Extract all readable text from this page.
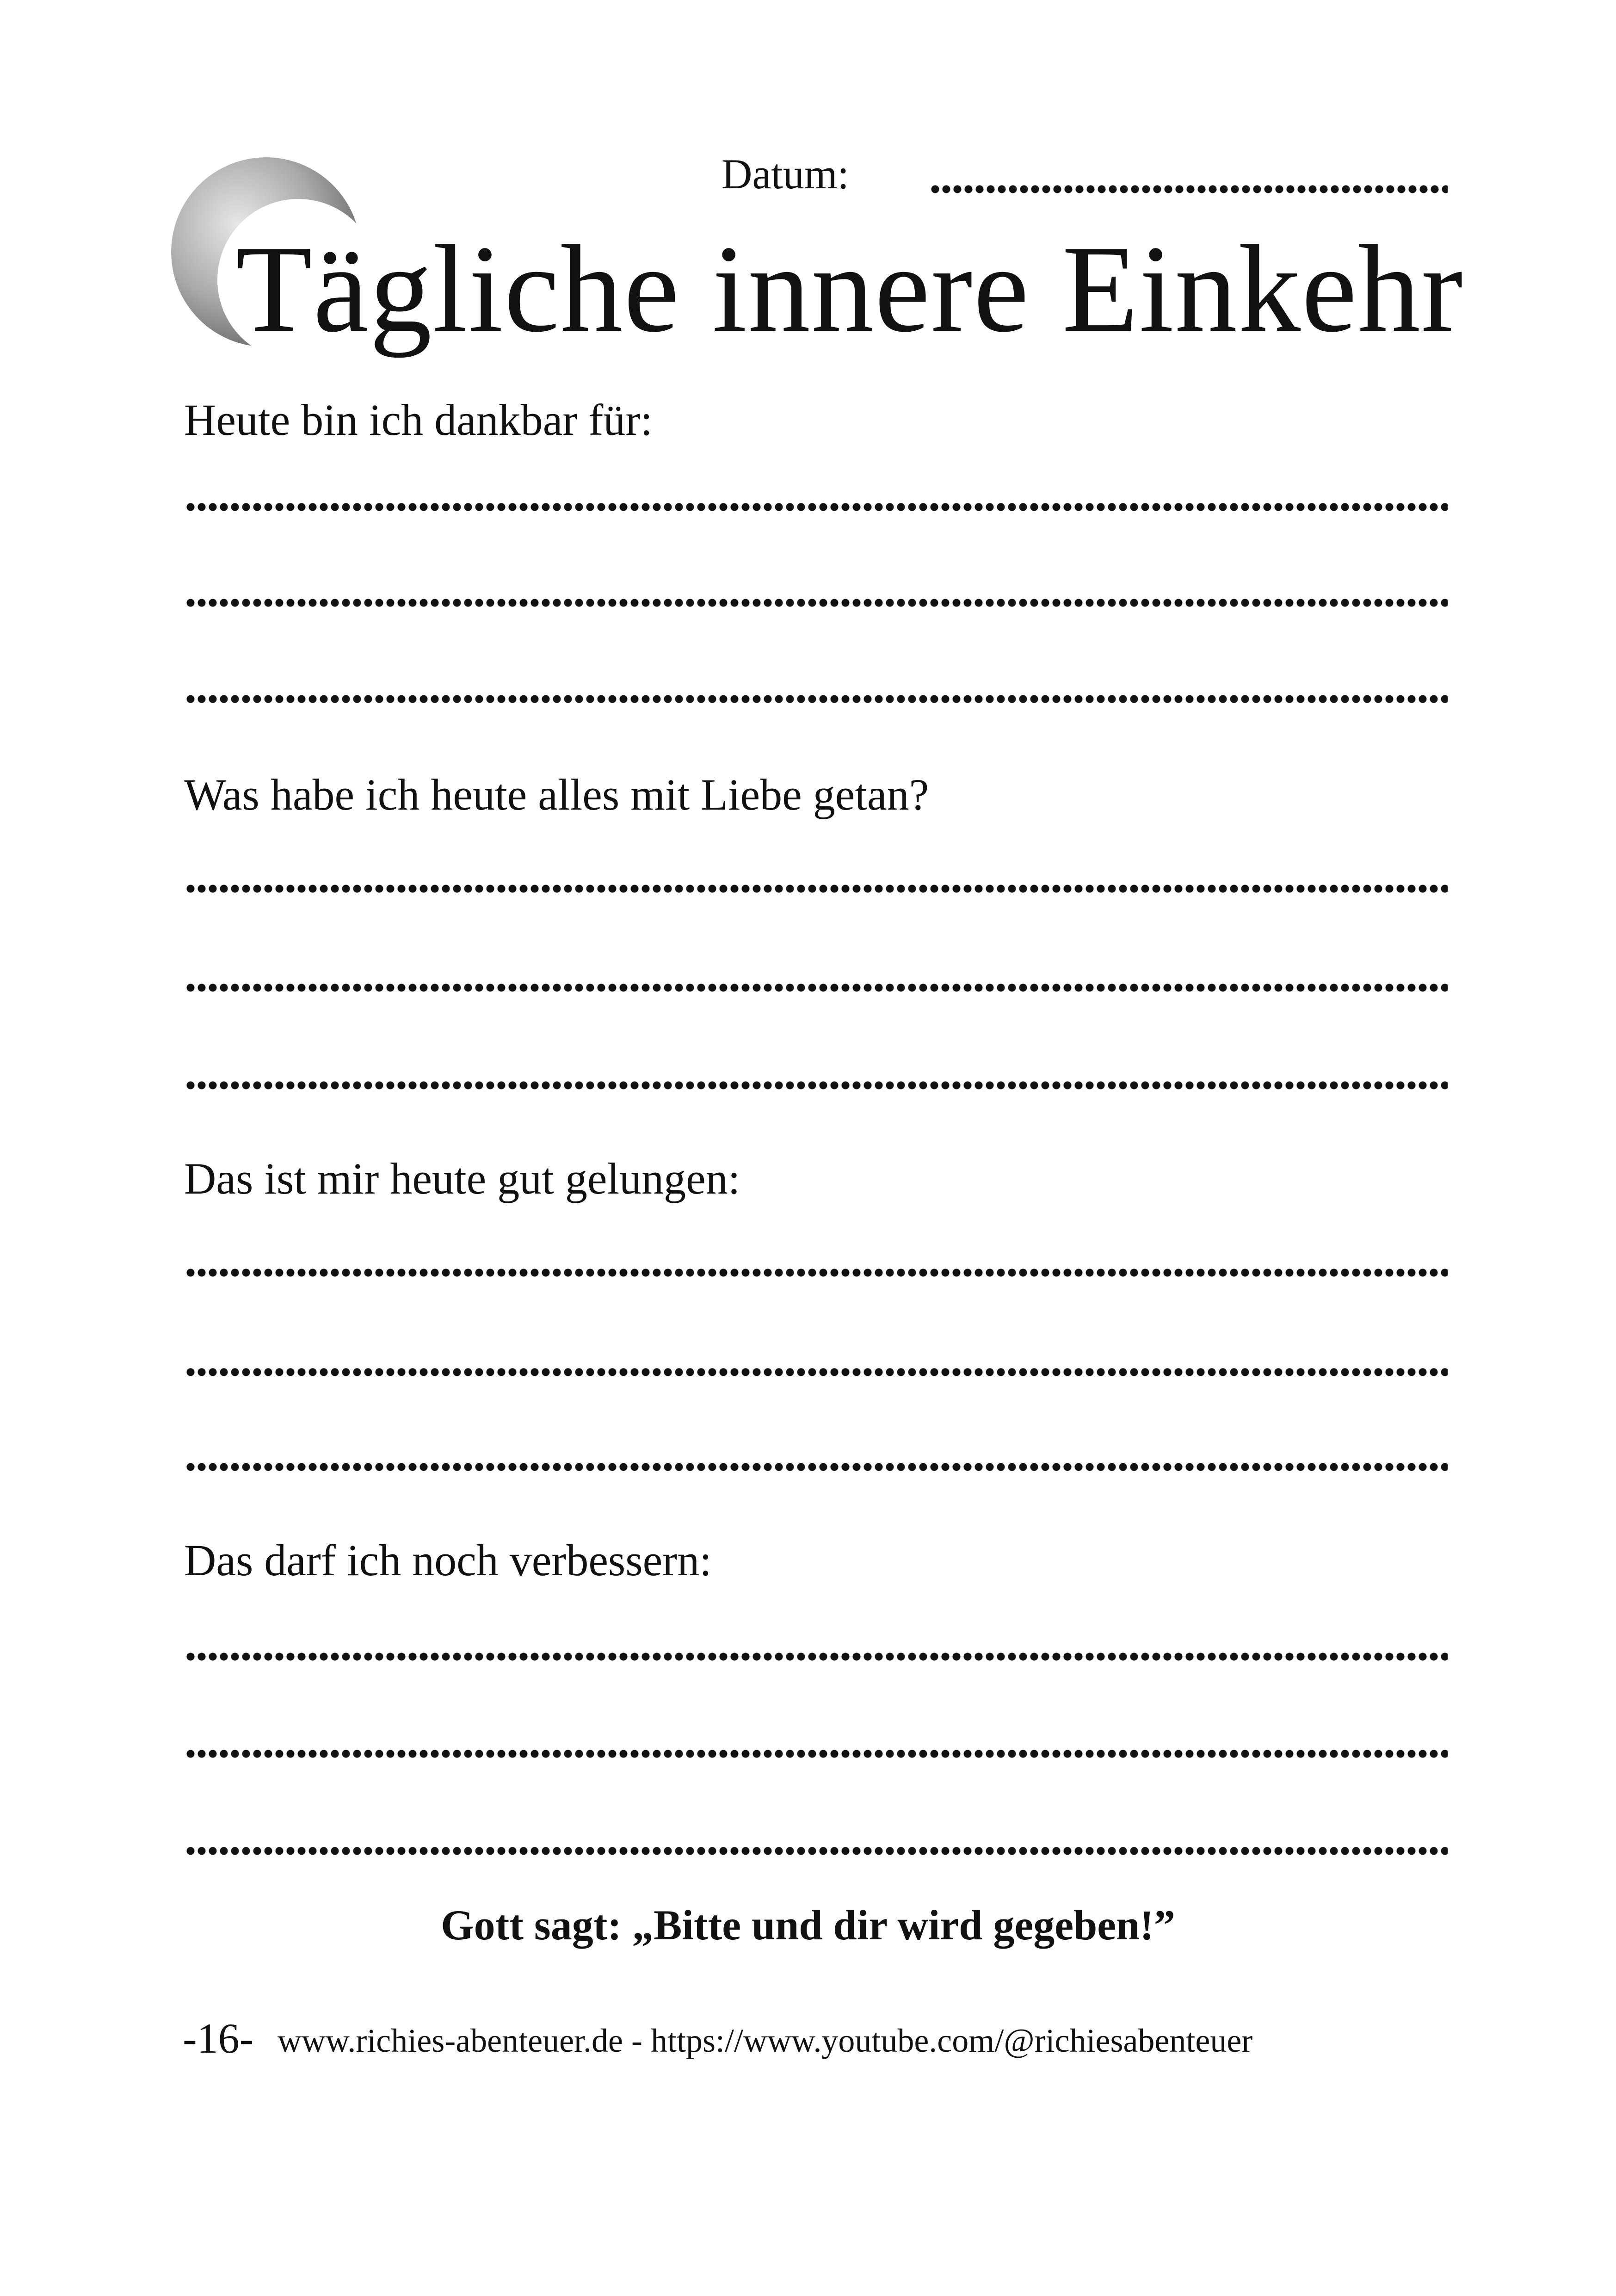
Datum:
Tägliche innere Einkehr
Heute bin ich dankbar für:
Was habe ich heute alles mit Liebe getan?
Das ist mir heute gut gelungen:
Das darf ich noch verbessern:
Gott sagt: „Bitte und dir wird gegeben!”
-16- www.richies-abenteuer.de - https://www.youtube.com/@richiesabenteuer
